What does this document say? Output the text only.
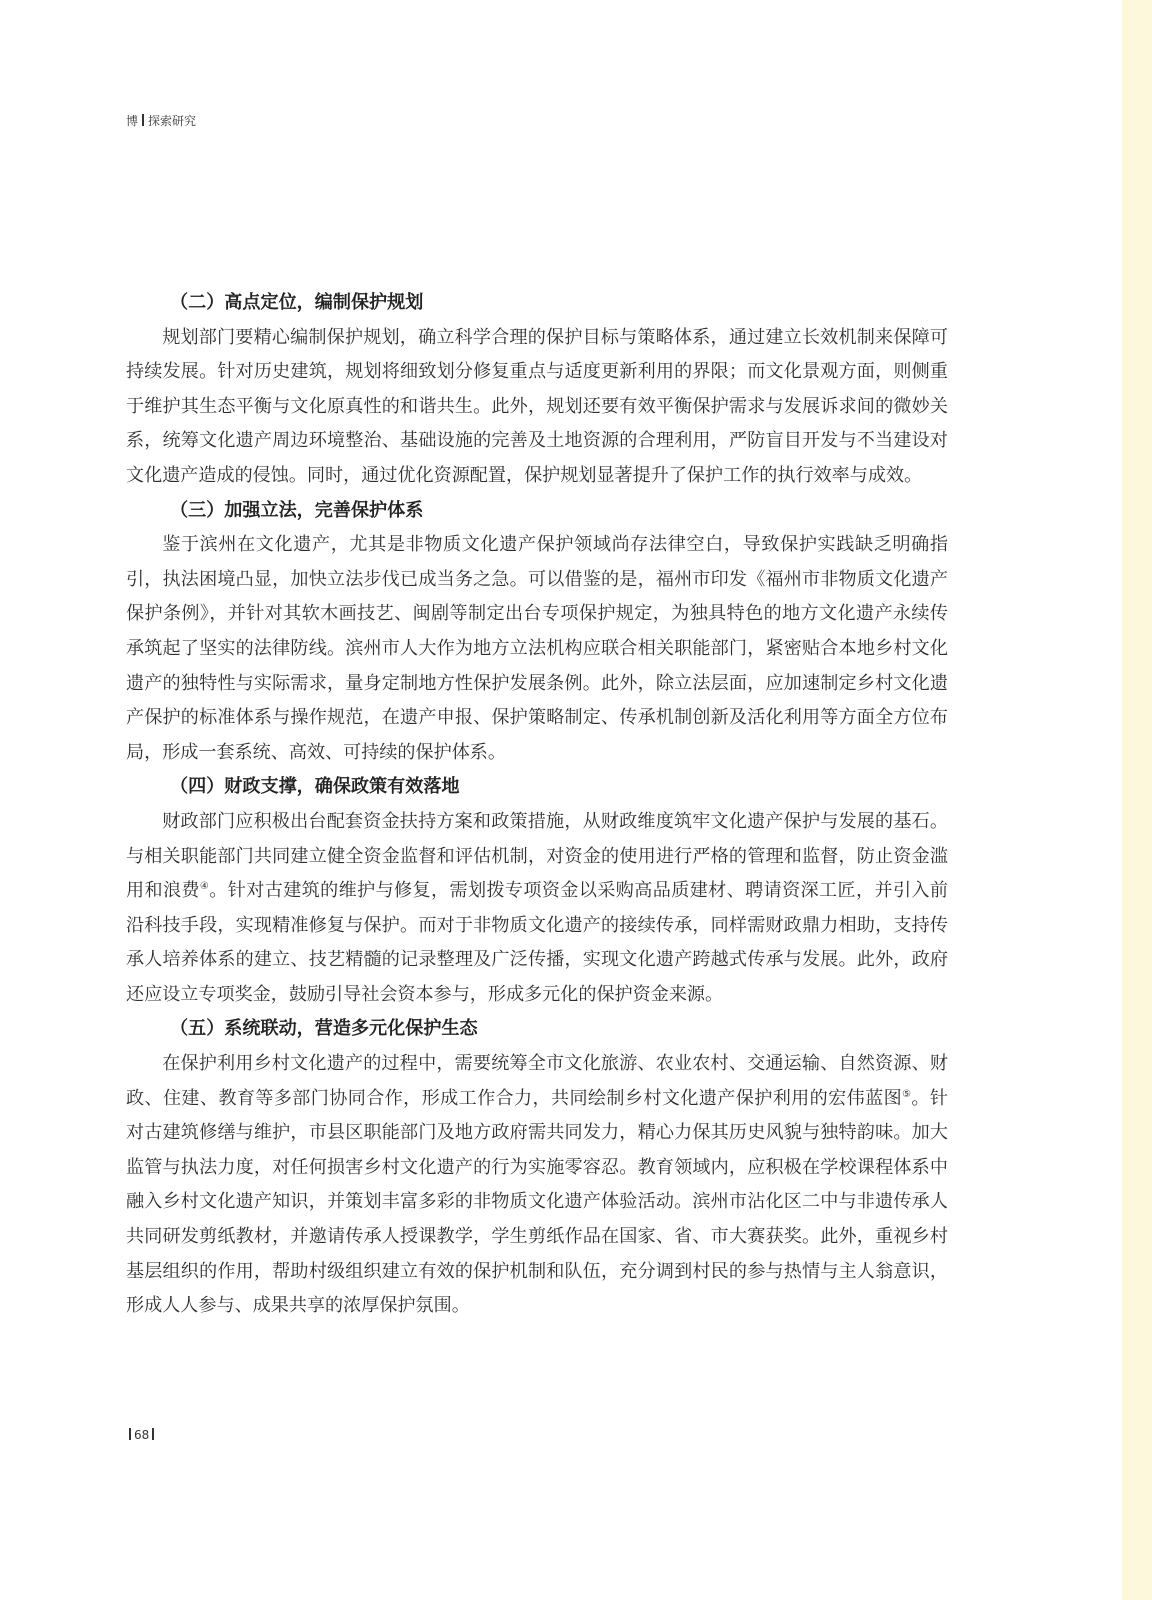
博 探索研究

（二）高点定位，编制保护规划

规划部门要精心编制保护规划，确立科学合理的保护目标与策略体系，通过建立长效机制来保障可持续发展。针对历史建筑，规划将细致划分修复重点与适度更新利用的界限；而文化景观方面，则侧重于维护其生态平衡与文化原真性的和谐共生。此外，规划还要有效平衡保护需求与发展诉求间的微妙关系，统筹文化遗产周边环境整治、基础设施的完善及土地资源的合理利用，严防盲目开发与不当建设对文化遗产造成的侵蚀。同时，通过优化资源配置，保护规划显著提升了保护工作的执行效率与成效。

（三）加强立法，完善保护体系

鉴于滨州在文化遗产，尤其是非物质文化遗产保护领域尚存法律空白，导致保护实践缺乏明确指引，执法困境凸显，加快立法步伐已成当务之急。可以借鉴的是，福州市印发《福州市非物质文化遗产保护条例》，并针对其软木画技艺、闽剧等制定出台专项保护规定，为独具特色的地方文化遗产永续传承筑起了坚实的法律防线。滨州市人大作为地方立法机构应联合相关职能部门，紧密贴合本地乡村文化遗产的独特性与实际需求，量身定制地方性保护发展条例。此外，除立法层面，应加速制定乡村文化遗产保护的标准体系与操作规范，在遗产申报、保护策略制定、传承机制创新及活化利用等方面全方位布局，形成一套系统、高效、可持续的保护体系。

（四）财政支撑，确保政策有效落地

财政部门应积极出台配套资金扶持方案和政策措施，从财政维度筑牢文化遗产保护与发展的基石。与相关职能部门共同建立健全资金监督和评估机制，对资金的使用进行严格的管理和监督，防止资金滥用和浪费④。针对古建筑的维护与修复，需划拨专项资金以采购高品质建材、聘请资深工匠，并引入前沿科技手段，实现精准修复与保护。而对于非物质文化遗产的接续传承，同样需财政鼎力相助，支持传承人培养体系的建立、技艺精髓的记录整理及广泛传播，实现文化遗产跨越式传承与发展。此外，政府还应设立专项奖金，鼓励引导社会资本参与，形成多元化的保护资金来源。

（五）系统联动，营造多元化保护生态

在保护利用乡村文化遗产的过程中，需要统筹全市文化旅游、农业农村、交通运输、自然资源、财政、住建、教育等多部门协同合作，形成工作合力，共同绘制乡村文化遗产保护利用的宏伟蓝图⑤。针对古建筑修缮与维护，市县区职能部门及地方政府需共同发力，精心力保其历史风貌与独特韵味。加大监管与执法力度，对任何损害乡村文化遗产的行为实施零容忍。教育领域内，应积极在学校课程体系中融入乡村文化遗产知识，并策划丰富多彩的非物质文化遗产体验活动。滨州市沾化区二中与非遗传承人共同研发剪纸教材，并邀请传承人授课教学，学生剪纸作品在国家、省、市大赛获奖。此外，重视乡村基层组织的作用，帮助村级组织建立有效的保护机制和队伍，充分调到村民的参与热情与主人翁意识，形成人人参与、成果共享的浓厚保护氛围。

68
